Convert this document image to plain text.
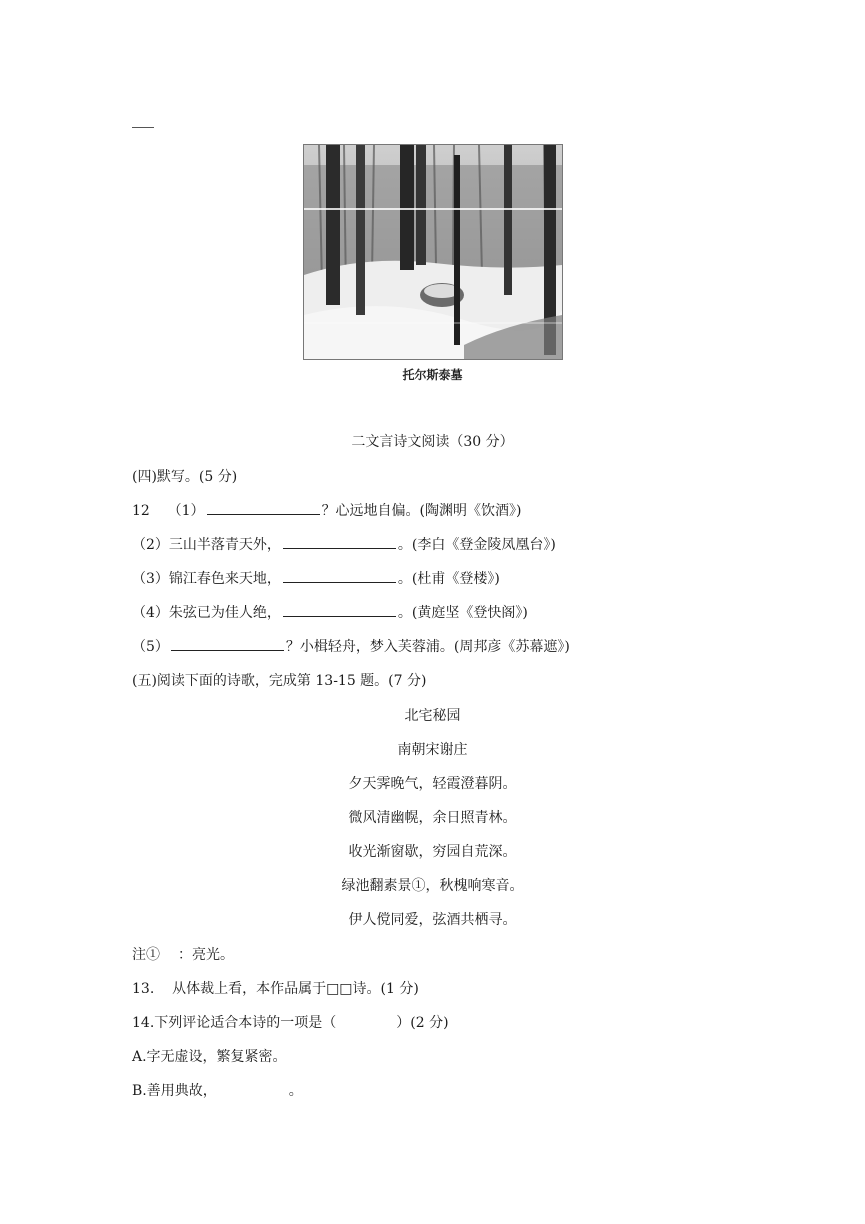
托尔斯泰墓
二文言诗文阅读（30 分）
(四)默写。(5 分)
12 （1）	？心远地自偏。(陶渊明《饮酒》)
（2）三山半落青天外，	。(李白《登金陵凤凰台》)
（3）锦江春色来天地，	。(杜甫《登楼》)
（4）朱弦已为佳人绝，	。(黄庭坚《登快阁》)
（5）	？小楫轻舟，梦入芙蓉浦。(周邦彦《苏幕遮》)
(五)阅读下面的诗歌，完成第 13-15 题。(7 分)
北宅秘园
南朝宋谢庄
夕天霁晚气，轻霞澄暮阴。
微风清幽幌，余日照青林。
收光渐窗歇，穷园自荒深。
绿池翻素景①，秋槐响寒音。
伊人傥同爱，弦酒共栖寻。
注① ：亮光。
13. 从体裁上看，本作品属于□□诗。(1 分)
14.下列评论适合本诗的一项是（	）(2 分)
A.字无虚设，繁复紧密。
B.善用典故，	。
